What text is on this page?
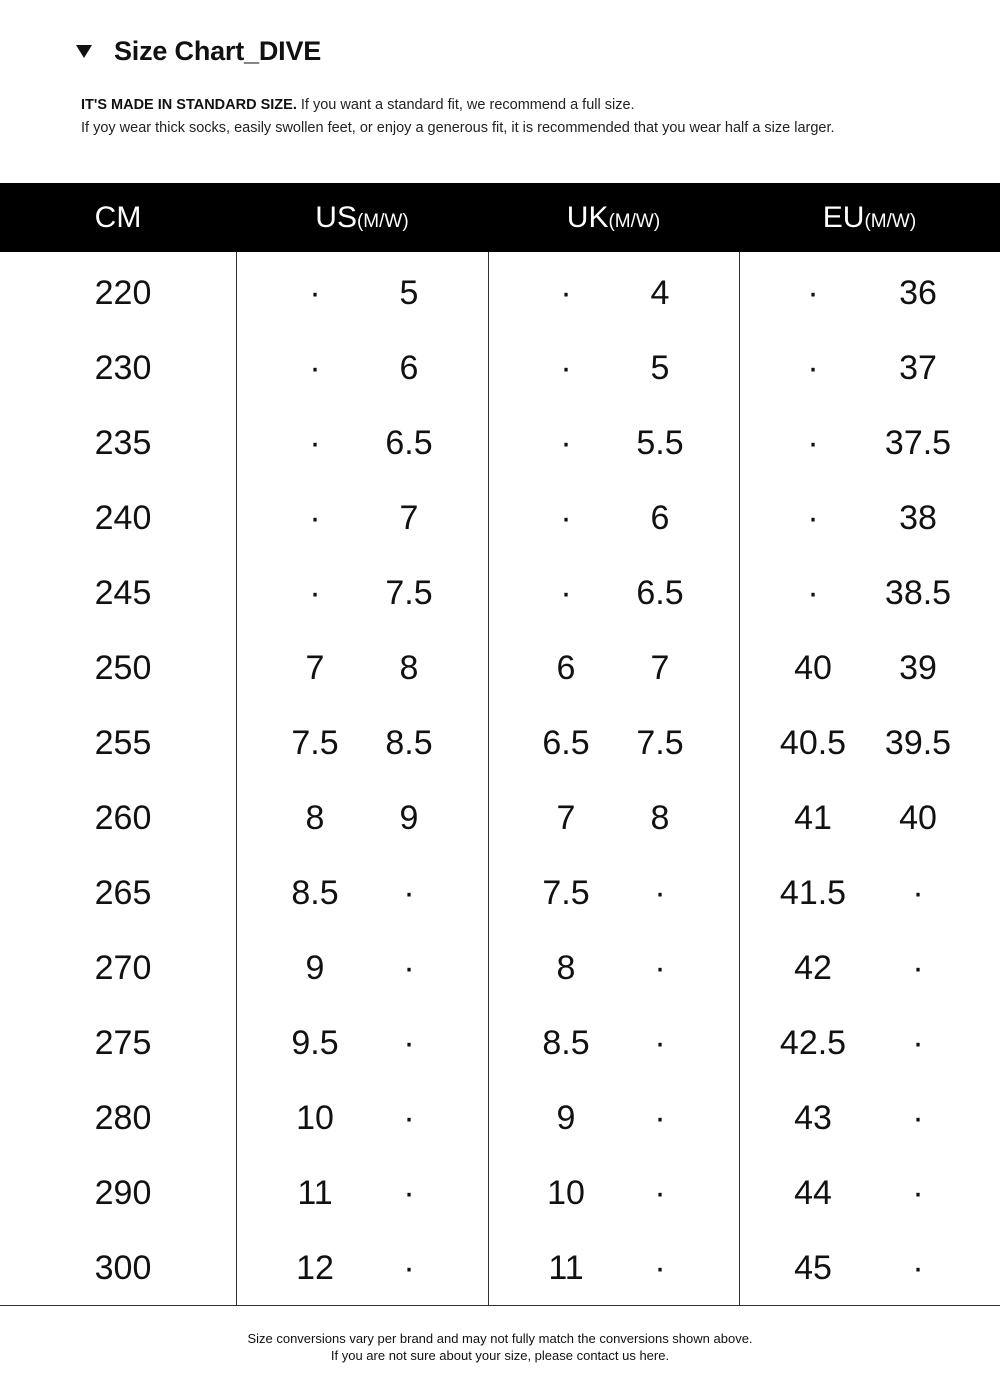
Size Chart_DIVE
IT'S MADE IN STANDARD SIZE. If you want a standard fit, we recommend a full size.
If yoy wear thick socks, easily swollen feet, or enjoy a generous fit, it is recommended that you wear half a size larger.
CM	US (M/W)	UK (M/W)	EU (M/W)
220	· 5	· 4	· 36
230	· 6	· 5	· 37
235	· 6.5	· 5.5	· 37.5
240	· 7	· 6	· 38
245	· 7.5	· 6.5	· 38.5
250	7 8	6 7	40 39
255	7.5 8.5	6.5 7.5	40.5 39.5
260	8 9	7 8	41 40
265	8.5 ·	7.5 ·	41.5 ·
270	9 ·	8 ·	42 ·
275	9.5 ·	8.5 ·	42.5 ·
280	10 ·	9 ·	43 ·
290	11 ·	10 ·	44 ·
300	12 ·	11 ·	45 ·
Size conversions vary per brand and may not fully match the conversions shown above.
If you are not sure about your size, please contact us here.
